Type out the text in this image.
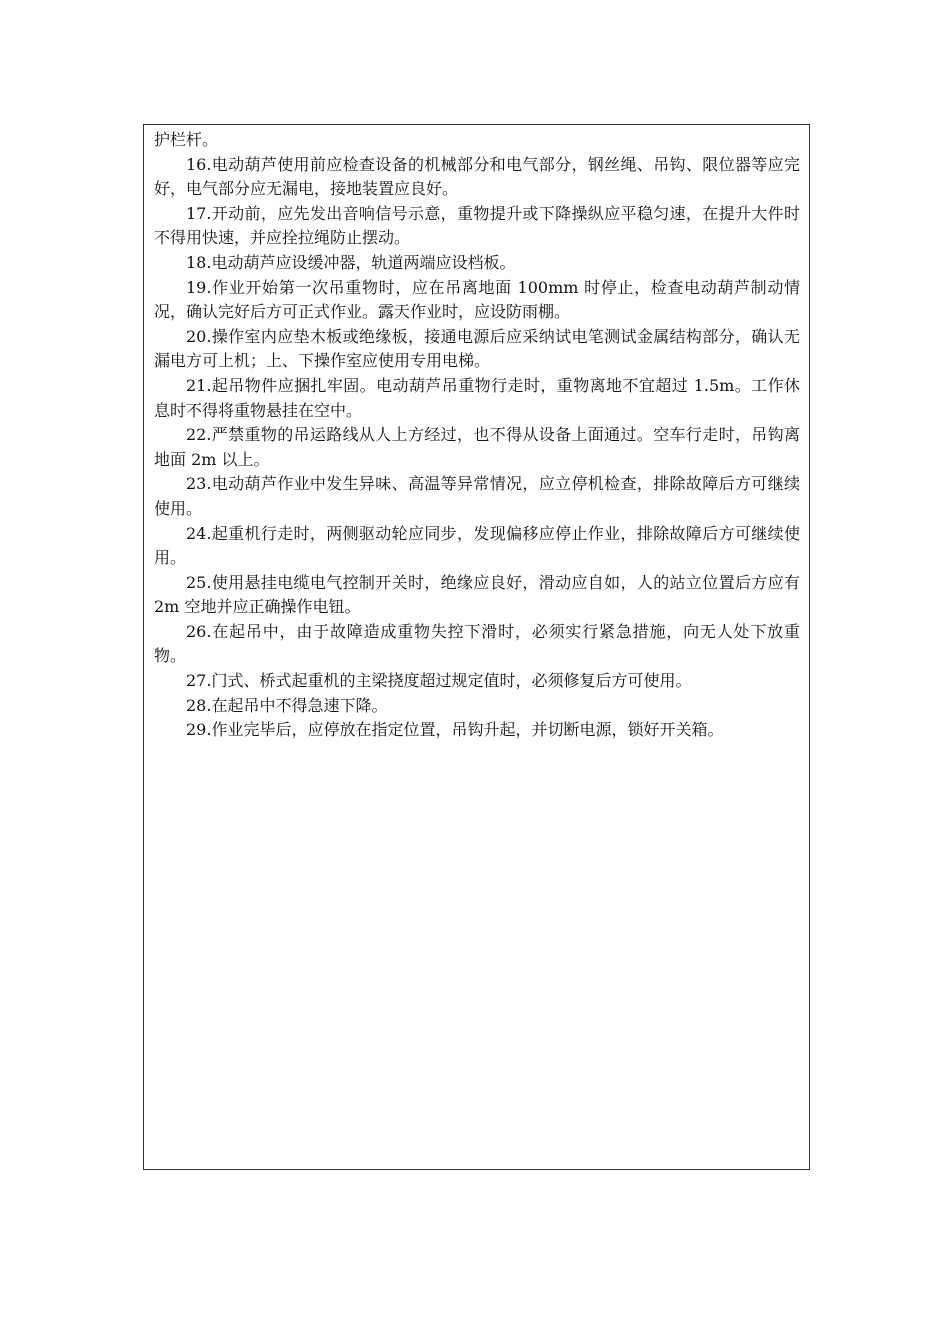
护栏杆。

16.电动葫芦使用前应检查设备的机械部分和电气部分，钢丝绳、吊钩、限位器等应完好，电气部分应无漏电，接地装置应良好。

17.开动前，应先发出音响信号示意，重物提升或下降操纵应平稳匀速，在提升大件时不得用快速，并应拴拉绳防止摆动。

18.电动葫芦应设缓冲器，轨道两端应设档板。

19.作业开始第一次吊重物时，应在吊离地面 100mm 时停止，检查电动葫芦制动情况，确认完好后方可正式作业。露天作业时，应设防雨棚。

20.操作室内应垫木板或绝缘板，接通电源后应采纳试电笔测试金属结构部分，确认无漏电方可上机；上、下操作室应使用专用电梯。

21.起吊物件应捆扎牢固。电动葫芦吊重物行走时，重物离地不宜超过 1.5m。工作休息时不得将重物悬挂在空中。

22.严禁重物的吊运路线从人上方经过，也不得从设备上面通过。空车行走时，吊钩离地面 2m 以上。

23.电动葫芦作业中发生异味、高温等异常情况，应立停机检查，排除故障后方可继续使用。

24.起重机行走时，两侧驱动轮应同步，发现偏移应停止作业，排除故障后方可继续使用。

25.使用悬挂电缆电气控制开关时，绝缘应良好，滑动应自如，人的站立位置后方应有 2m 空地并应正确操作电钮。

26.在起吊中，由于故障造成重物失控下滑时，必须实行紧急措施，向无人处下放重物。

27.门式、桥式起重机的主梁挠度超过规定值时，必须修复后方可使用。

28.在起吊中不得急速下降。

29.作业完毕后，应停放在指定位置，吊钩升起，并切断电源，锁好开关箱。
